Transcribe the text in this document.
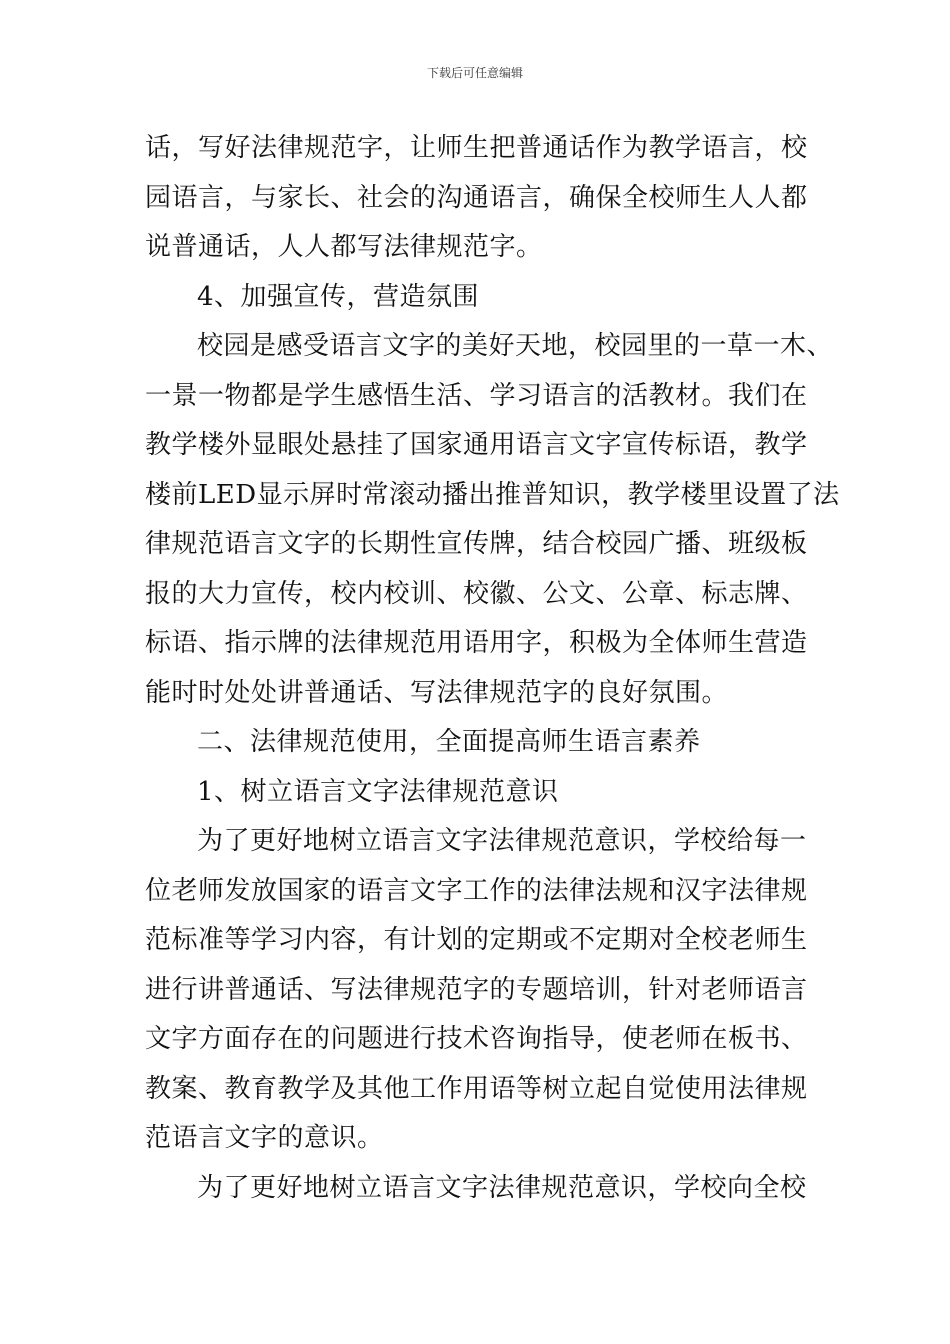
下载后可任意编辑
话，写好法律规范字，让师生把普通话作为教学语言，校
园语言，与家长、社会的沟通语言，确保全校师生人人都
说普通话，人人都写法律规范字。
4、加强宣传，营造氛围
校园是感受语言文字的美好天地，校园里的一草一木、
一景一物都是学生感悟生活、学习语言的活教材。我们在
教学楼外显眼处悬挂了国家通用语言文字宣传标语，教学
楼前LED显示屏时常滚动播出推普知识，教学楼里设置了法
律规范语言文字的长期性宣传牌，结合校园广播、班级板
报的大力宣传，校内校训、校徽、公文、公章、标志牌、
标语、指示牌的法律规范用语用字，积极为全体师生营造
能时时处处讲普通话、写法律规范字的良好氛围。
二、法律规范使用，全面提高师生语言素养
1、树立语言文字法律规范意识
为了更好地树立语言文字法律规范意识，学校给每一
位老师发放国家的语言文字工作的法律法规和汉字法律规
范标准等学习内容，有计划的定期或不定期对全校老师生
进行讲普通话、写法律规范字的专题培训，针对老师语言
文字方面存在的问题进行技术咨询指导，使老师在板书、
教案、教育教学及其他工作用语等树立起自觉使用法律规
范语言文字的意识。
为了更好地树立语言文字法律规范意识，学校向全校
